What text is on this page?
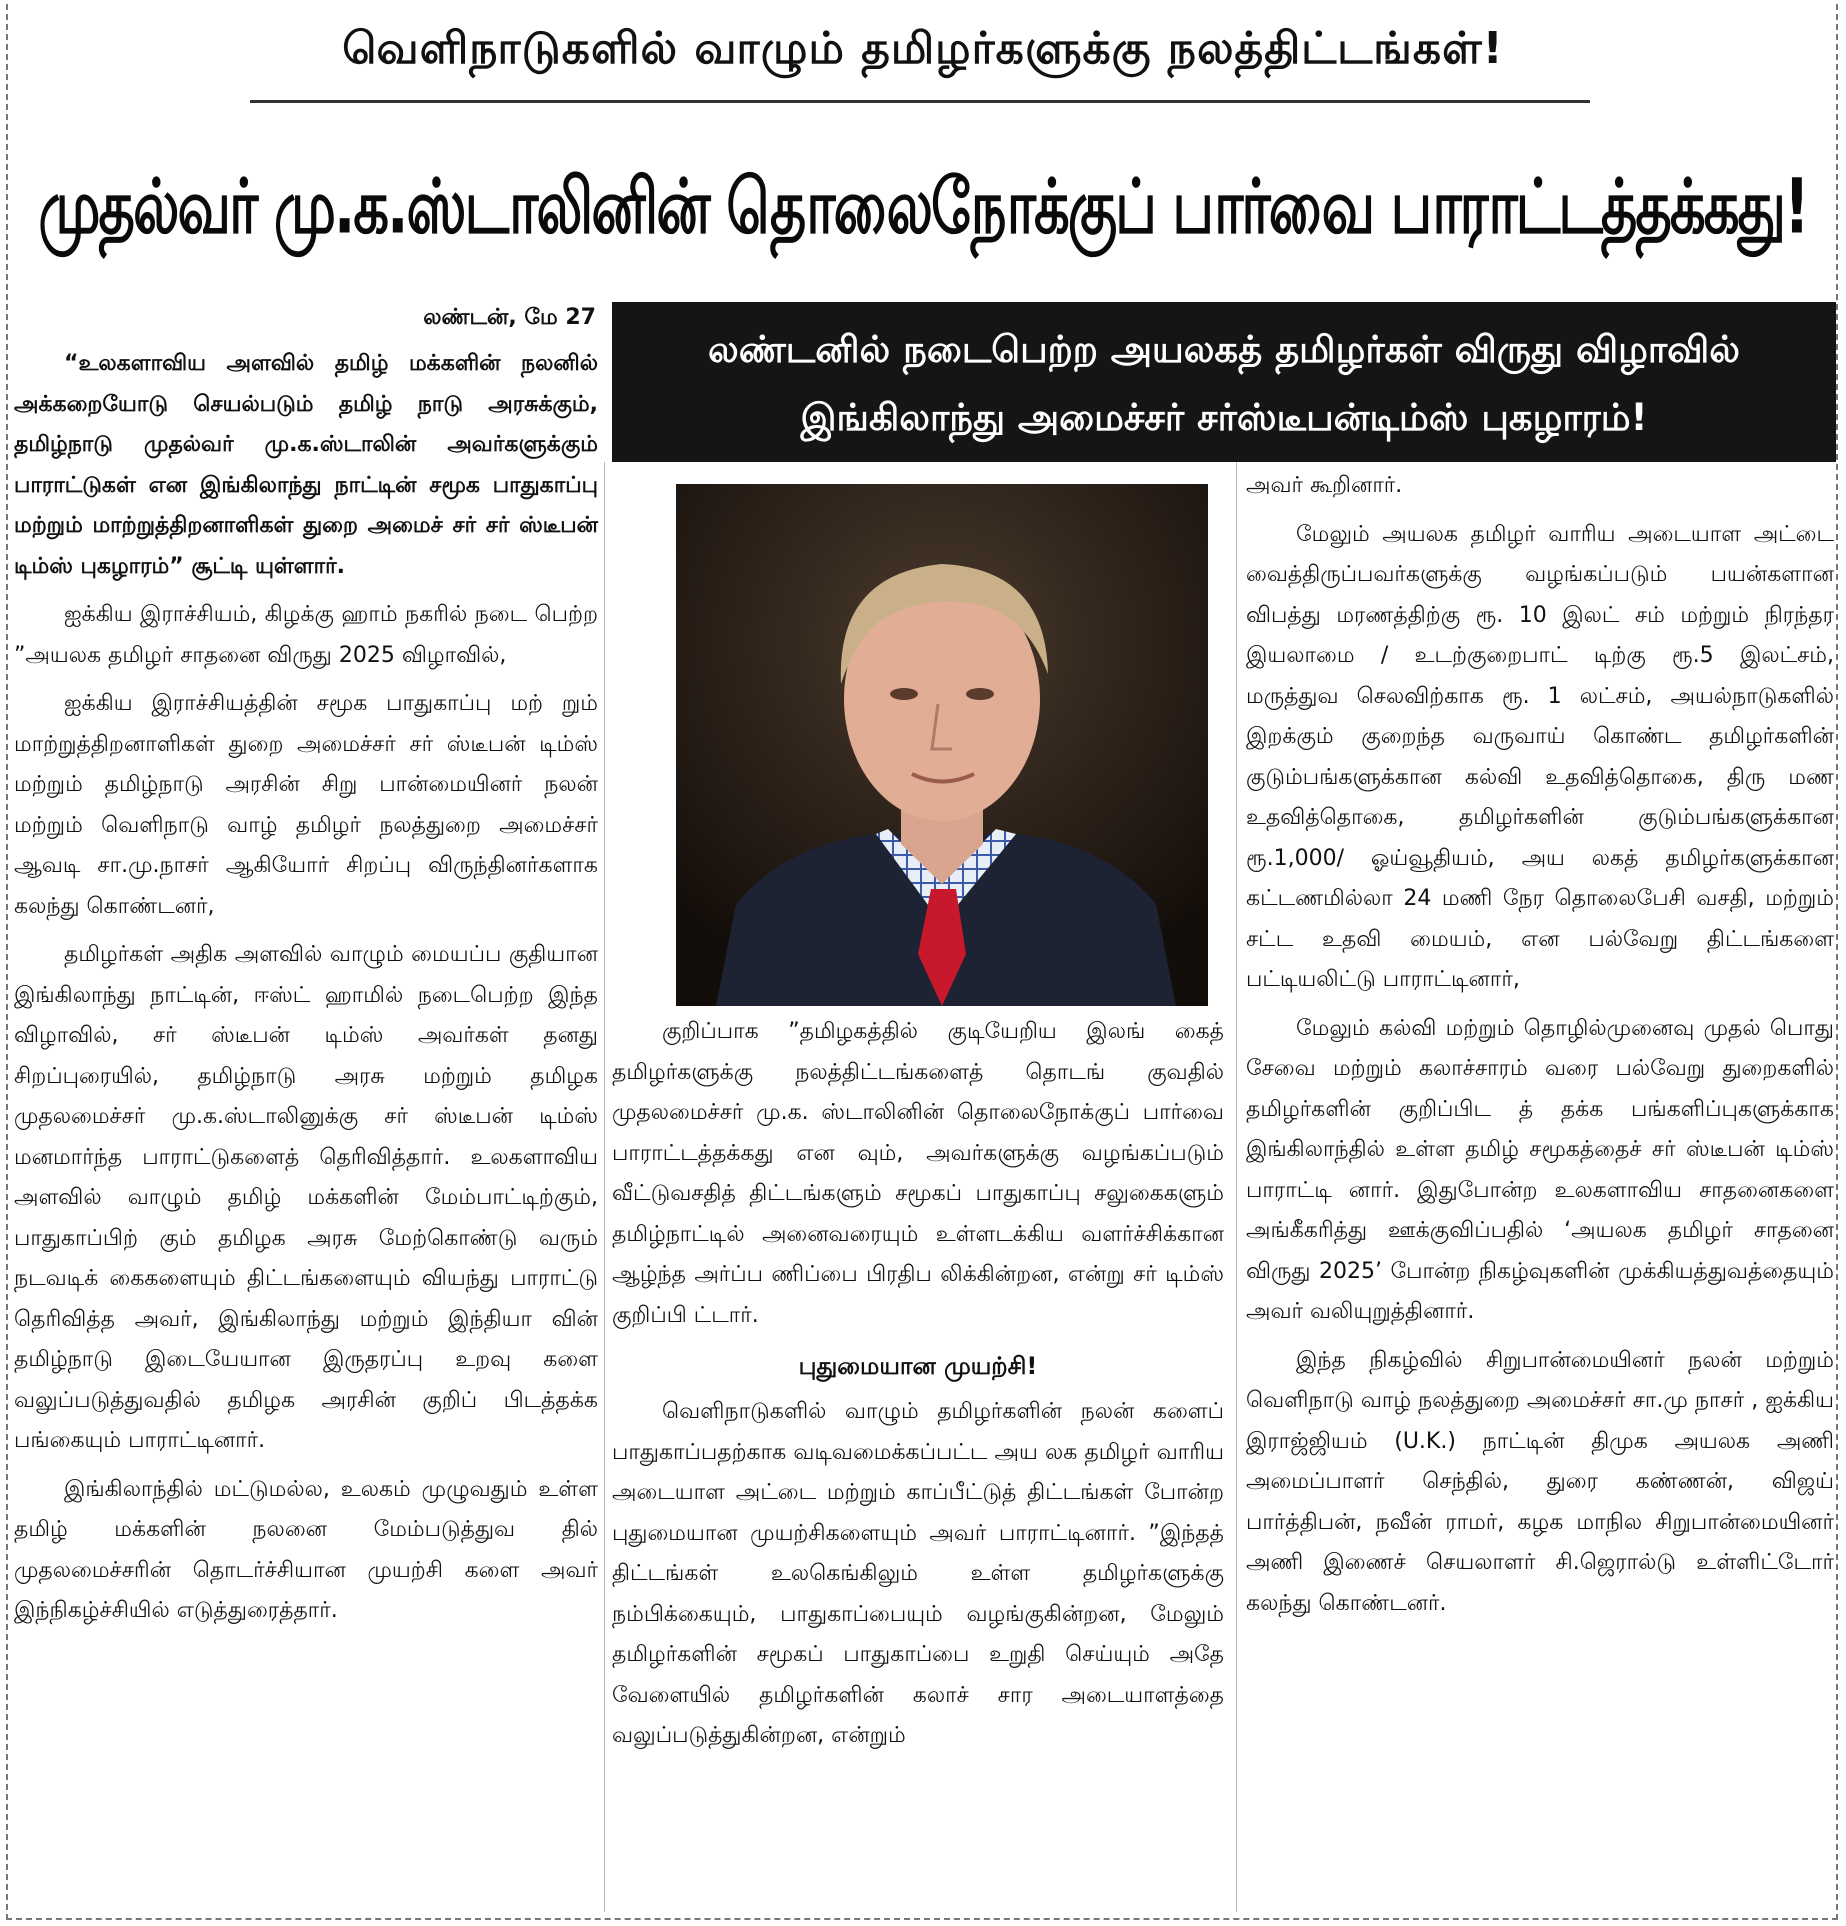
வெளிநாடுகளில் வாழும் தமிழர்களுக்கு நலத்திட்டங்கள்!
முதல்வர் மு.க.ஸ்டாலினின் தொலைநோக்குப் பார்வை பாராட்டத்தக்கது!
லண்டன், மே 27
லண்டனில் நடைபெற்ற அயலகத் தமிழர்கள் விருது விழாவில்
இங்கிலாந்து அமைச்சர் சர்ஸ்டீபன்டிம்ஸ் புகழாரம்!

“உலகளாவிய அளவில் தமிழ் மக்களின் நலனில் அக்கறையோடு செயல்படும் தமிழ் நாடு அரசுக்கும், தமிழ்நாடு முதல்வர் மு.க.ஸ்டாலின் அவர்களுக்கும் பாராட்டுகள் என இங்கிலாந்து நாட்டின் சமூக பாதுகாப்பு மற்றும் மாற்றுத்திறனாளிகள் துறை அமைச் சர் சர் ஸ்டீபன் டிம்ஸ் புகழாரம்” சூட்டி யுள்ளார்.

ஐக்கிய இராச்சியம், கிழக்கு ஹாம் நகரில் நடை பெற்ற ”அயலக தமிழர் சாதனை விருது 2025 விழாவில்,

ஐக்கிய இராச்சியத்தின் சமூக பாதுகாப்பு மற் றும் மாற்றுத்திறனாளிகள் துறை அமைச்சர் சர் ஸ்டீபன் டிம்ஸ் மற்றும் தமிழ்நாடு அரசின் சிறு பான்மையினர் நலன் மற்றும் வெளிநாடு வாழ் தமிழர் நலத்துறை அமைச்சர் ஆவடி சா.மு.நாசர் ஆகியோர் சிறப்பு விருந்தினர்களாக கலந்து கொண்டனர்,

தமிழர்கள் அதிக அளவில் வாழும் மையப்ப குதியான இங்கிலாந்து நாட்டின், ஈஸ்ட் ஹாமில் நடைபெற்ற இந்த விழாவில், சர் ஸ்டீபன் டிம்ஸ் அவர்கள் தனது சிறப்புரையில், தமிழ்நாடு அரசு மற்றும் தமிழக முதலமைச்சர் மு.க.ஸ்டாலினுக்கு சர் ஸ்டீபன் டிம்ஸ் மனமார்ந்த பாராட்டுகளைத் தெரிவித்தார். உலகளாவிய அளவில் வாழும் தமிழ் மக்களின் மேம்பாட்டிற்கும், பாதுகாப்பிற் கும் தமிழக அரசு மேற்கொண்டு வரும் நடவடிக் கைகளையும் திட்டங்களையும் வியந்து பாராட்டு தெரிவித்த அவர், இங்கிலாந்து மற்றும் இந்தியா வின் தமிழ்நாடு இடையேயான இருதரப்பு உறவு களை வலுப்படுத்துவதில் தமிழக அரசின் குறிப் பிடத்தக்க பங்கையும் பாராட்டினார்.

இங்கிலாந்தில் மட்டுமல்ல, உலகம் முழுவதும் உள்ள தமிழ் மக்களின் நலனை மேம்படுத்துவ தில் முதலமைச்சரின் தொடர்ச்சியான முயற்சி களை அவர் இந்நிகழ்ச்சியில் எடுத்துரைத்தார்.

குறிப்பாக ”தமிழகத்தில் குடியேறிய இலங் கைத் தமிழர்களுக்கு நலத்திட்டங்களைத் தொடங் குவதில் முதலமைச்சர் மு.க. ஸ்டாலினின் தொலைநோக்குப் பார்வை பாராட்டத்தக்கது என வும், அவர்களுக்கு வழங்கப்படும் வீட்டுவசதித் திட்டங்களும் சமூகப் பாதுகாப்பு சலுகைகளும் தமிழ்நாட்டில் அனைவரையும் உள்ளடக்கிய வளர்ச்சிக்கான ஆழ்ந்த அர்ப்ப ணிப்பை பிரதிப லிக்கின்றன, என்று சர் டிம்ஸ் குறிப்பி ட்டார்.

புதுமையான முயற்சி!

வெளிநாடுகளில் வாழும் தமிழர்களின் நலன் களைப் பாதுகாப்பதற்காக வடிவமைக்கப்பட்ட அய லக தமிழர் வாரிய அடையாள அட்டை மற்றும் காப்பீட்டுத் திட்டங்கள் போன்ற புதுமையான முயற்சிகளையும் அவர் பாராட்டினார். ”இந்தத் திட்டங்கள் உலகெங்கிலும் உள்ள தமிழர்களுக்கு நம்பிக்கையும், பாதுகாப்பையும் வழங்குகின்றன, மேலும் தமிழர்களின் சமூகப் பாதுகாப்பை உறுதி செய்யும் அதே வேளையில் தமிழர்களின் கலாச் சார அடையாளத்தை வலுப்படுத்துகின்றன, என்றும்

அவர் கூறினார்.

மேலும் அயலக தமிழர் வாரிய அடையாள அட்டை வைத்திருப்பவர்களுக்கு வழங்கப்படும் பயன்களான விபத்து மரணத்திற்கு ரூ. 10 இலட் சம் மற்றும் நிரந்தர இயலாமை / உடற்குறைபாட் டிற்கு ரூ.5 இலட்சம், மருத்துவ செலவிற்காக ரூ. 1 லட்சம், அயல்நாடுகளில் இறக்கும் குறைந்த வருவாய் கொண்ட தமிழர்களின் குடும்பங்களுக்கான கல்வி உதவித்தொகை, திரு மண உதவித்தொகை, தமிழர்களின் குடும்பங்களுக்கான ரூ.1,000/ ஓய்வூதியம், அய லகத் தமிழர்களுக்கான கட்டணமில்லா 24 மணி நேர தொலைபேசி வசதி, மற்றும் சட்ட உதவி மையம், என பல்வேறு திட்டங்களை பட்டியலிட்டு பாராட்டினார்,

மேலும் கல்வி மற்றும் தொழில்முனைவு முதல் பொது சேவை மற்றும் கலாச்சாரம் வரை பல்வேறு துறைகளில் தமிழர்களின் குறிப்பிட த் தக்க பங்களிப்புகளுக்காக இங்கிலாந்தில் உள்ள தமிழ் சமூகத்தைச் சர் ஸ்டீபன் டிம்ஸ் பாராட்டி னார். இதுபோன்ற உலகளாவிய சாதனைகளை அங்கீகரித்து ஊக்குவிப்பதில் ‘அயலக தமிழர் சாதனை விருது 2025’ போன்ற நிகழ்வுகளின் முக்கியத்துவத்தையும் அவர் வலியுறுத்தினார்.

இந்த நிகழ்வில் சிறுபான்மையினர் நலன் மற்றும் வெளிநாடு வாழ் நலத்துறை அமைச்சர் சா.மு நாசர் , ஐக்கிய இராஜ்ஜியம் (U.K.) நாட்டின் திமுக அயலக அணி அமைப்பாளர் செந்தில், துரை கண்ணன், விஜய் பார்த்திபன், நவீன் ராமர், கழக மாநில சிறுபான்மையினர் அணி இணைச் செயலாளர் சி.ஜெரால்டு உள்ளிட்டோர் கலந்து கொண்டனர்.
